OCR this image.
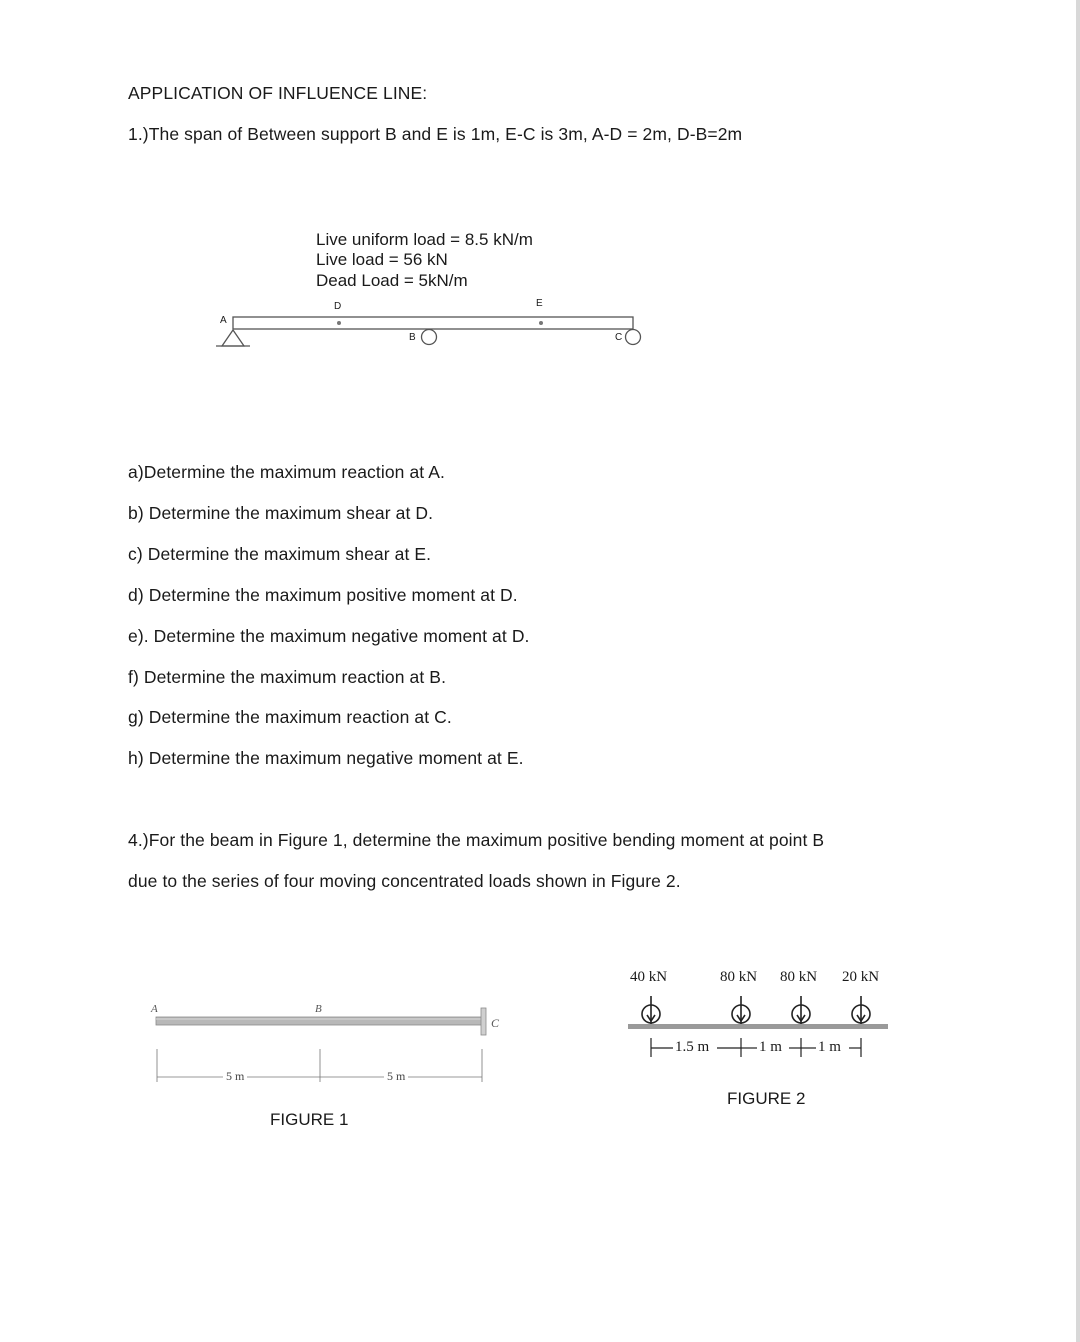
APPLICATION OF INFLUENCE LINE:
1.)The span of Between support B and E is 1m, E-C is 3m, A-D = 2m, D-B=2m
Live uniform load = 8.5 kN/m
Live load = 56 kN
Dead Load = 5kN/m
A
B	C
D	E
a)Determine the maximum reaction at A.
b) Determine the maximum shear at D.
c) Determine the maximum shear at E.
d) Determine the maximum positive moment at D.
e). Determine the maximum negative moment at D.
f) Determine the maximum reaction at B.
g) Determine the maximum reaction at C.
h) Determine the maximum negative moment at E.
4.)For the beam in Figure 1, determine the maximum positive bending moment at point B
due to the series of four moving concentrated loads shown in Figure 2.
A	B
C
5 m	5 m
FIGURE 1
40 kN	80 kN 80 kN 20 kN
1.5 m	1 m 1 m
FIGURE 2
